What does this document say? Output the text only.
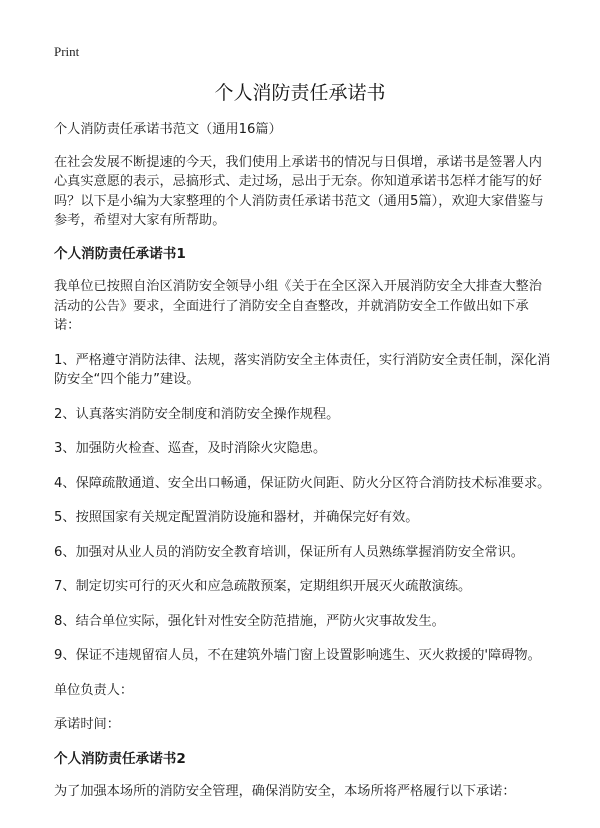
Print
个人消防责任承诺书

个人消防责任承诺书范文（通用16篇）

在社会发展不断提速的今天，我们使用上承诺书的情况与日俱增，承诺书是签署人内心真实意愿的表示，忌搞形式、走过场，忌出于无奈。你知道承诺书怎样才能写的好吗？以下是小编为大家整理的个人消防责任承诺书范文（通用5篇），欢迎大家借鉴与参考，希望对大家有所帮助。

个人消防责任承诺书1

我单位已按照自治区消防安全领导小组《关于在全区深入开展消防安全大排查大整治活动的公告》要求，全面进行了消防安全自查整改，并就消防安全工作做出如下承诺：

1、严格遵守消防法律、法规，落实消防安全主体责任，实行消防安全责任制，深化消防安全“四个能力”建设。

2、认真落实消防安全制度和消防安全操作规程。

3、加强防火检查、巡查，及时消除火灾隐患。

4、保障疏散通道、安全出口畅通，保证防火间距、防火分区符合消防技术标准要求。

5、按照国家有关规定配置消防设施和器材，并确保完好有效。

6、加强对从业人员的消防安全教育培训，保证所有人员熟练掌握消防安全常识。

7、制定切实可行的灭火和应急疏散预案，定期组织开展灭火疏散演练。

8、结合单位实际，强化针对性安全防范措施，严防火灾事故发生。

9、保证不违规留宿人员，不在建筑外墙门窗上设置影响逃生、灭火救援的'障碍物。

单位负责人：

承诺时间：

个人消防责任承诺书2

为了加强本场所的消防安全管理，确保消防安全，本场所将严格履行以下承诺：
